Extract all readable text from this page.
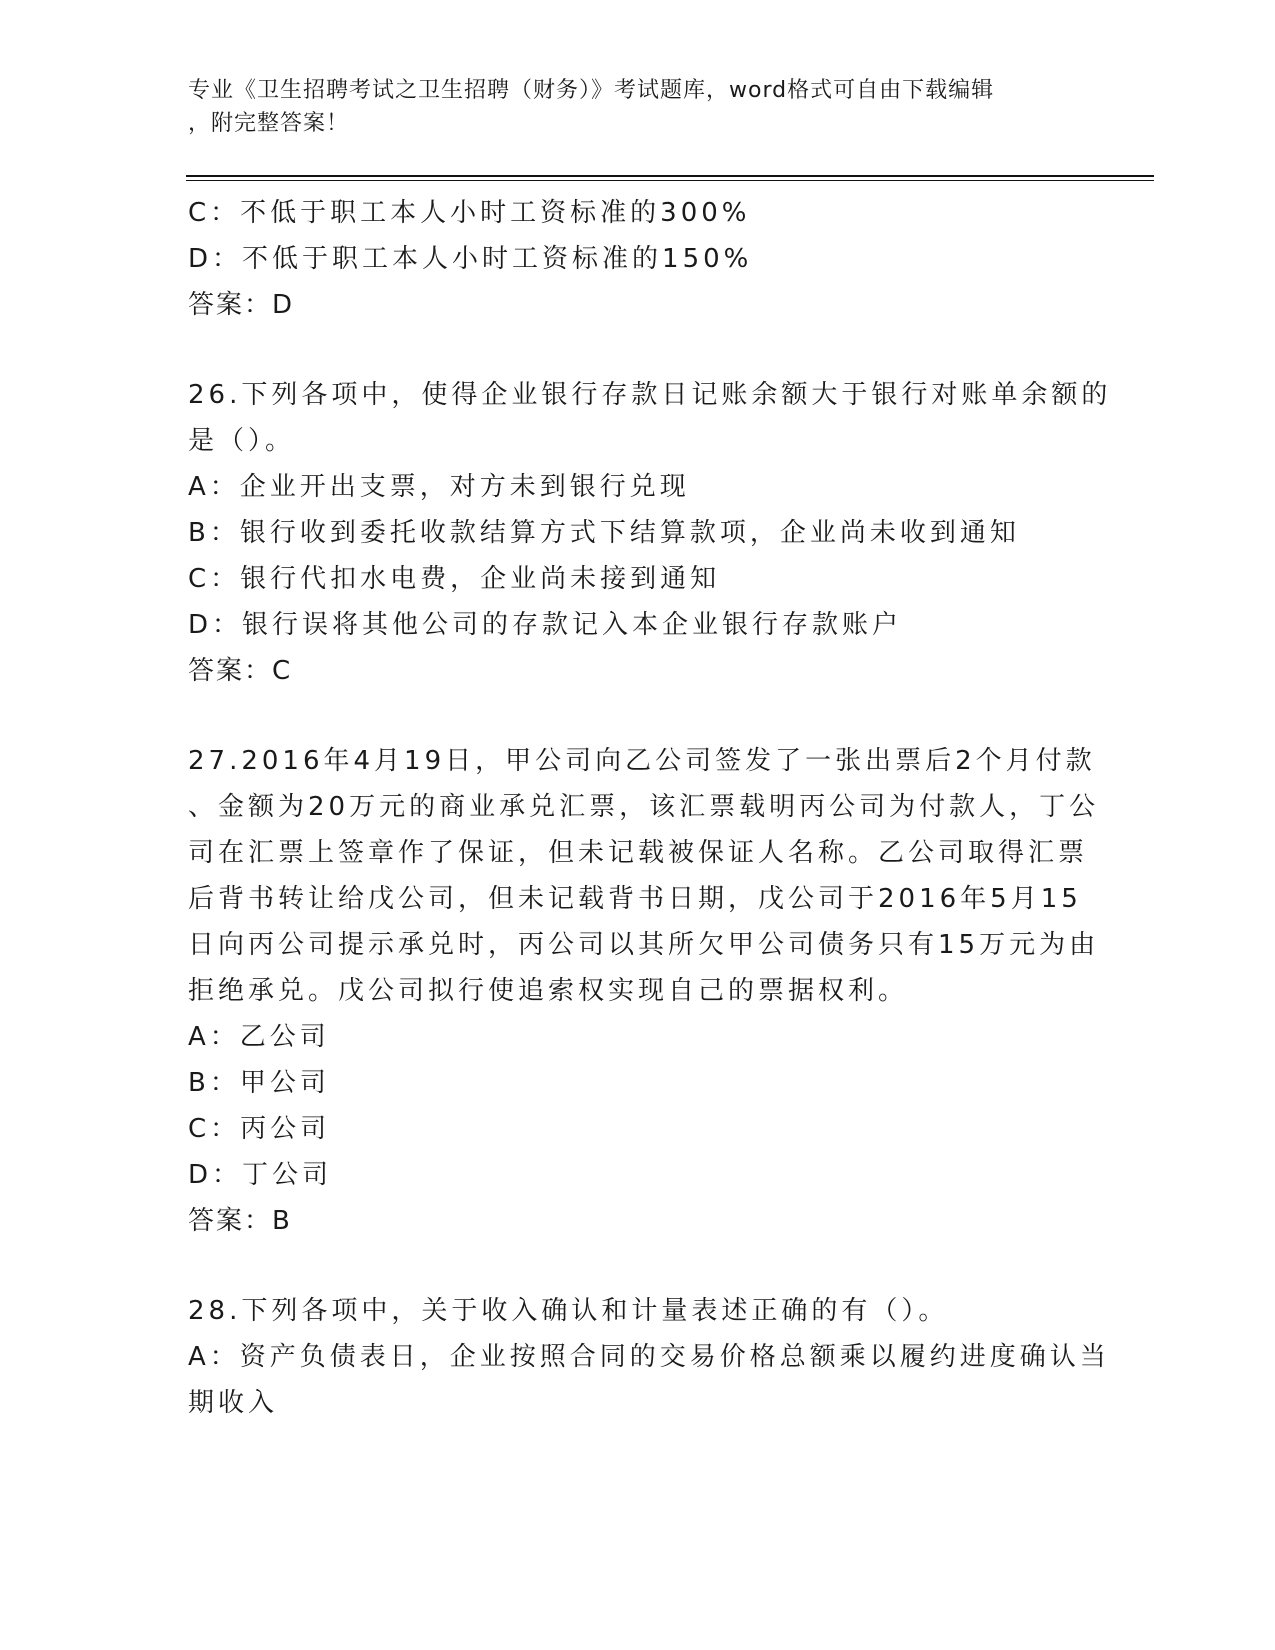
专业《卫生招聘考试之卫生招聘（财务）》考试题库，word格式可自由下载编辑
，附完整答案！
C：不低于职工本人小时工资标准的300%
D：不低于职工本人小时工资标准的150%
答案：D
26.下列各项中，使得企业银行存款日记账余额大于银行对账单余额的
是（）。
A：企业开出支票，对方未到银行兑现
B：银行收到委托收款结算方式下结算款项，企业尚未收到通知
C：银行代扣水电费，企业尚未接到通知
D：银行误将其他公司的存款记入本企业银行存款账户
答案：C
27.2016年4月19日，甲公司向乙公司签发了一张出票后2个月付款
、金额为20万元的商业承兑汇票，该汇票载明丙公司为付款人，丁公
司在汇票上签章作了保证，但未记载被保证人名称。乙公司取得汇票
后背书转让给戊公司，但未记载背书日期，戊公司于2016年5月15
日向丙公司提示承兑时，丙公司以其所欠甲公司债务只有15万元为由
拒绝承兑。戊公司拟行使追索权实现自己的票据权利。
A：乙公司
B：甲公司
C：丙公司
D：丁公司
答案：B
28.下列各项中，关于收入确认和计量表述正确的有（）。
A：资产负债表日，企业按照合同的交易价格总额乘以履约进度确认当
期收入
